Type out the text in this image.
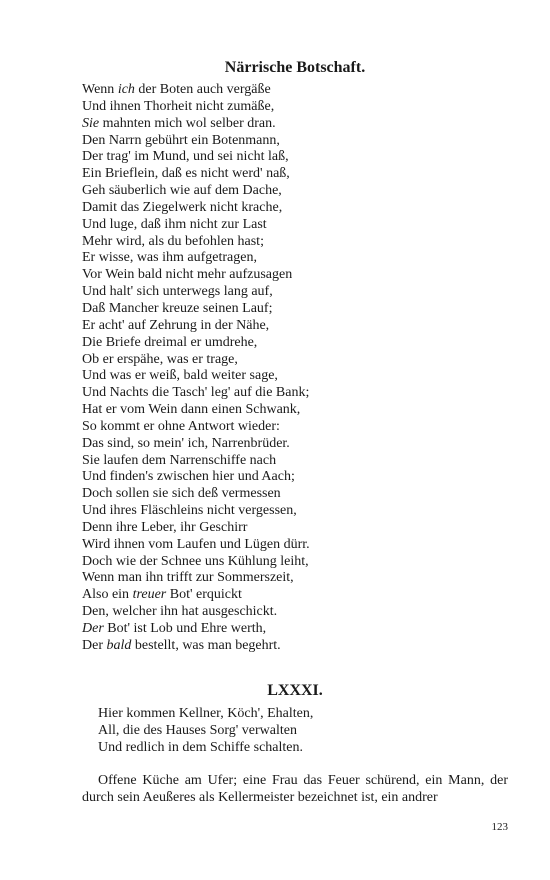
Närrische Botschaft.
Wenn ich der Boten auch vergäße
Und ihnen Thorheit nicht zumäße,
Sie mahnten mich wol selber dran.
Den Narrn gebührt ein Botenmann,
Der trag' im Mund, und sei nicht laß,
Ein Brieflein, daß es nicht werd' naß,
Geh säuberlich wie auf dem Dache,
Damit das Ziegelwerk nicht krache,
Und luge, daß ihm nicht zur Last
Mehr wird, als du befohlen hast;
Er wisse, was ihm aufgetragen,
Vor Wein bald nicht mehr aufzusagen
Und halt' sich unterwegs lang auf,
Daß Mancher kreuze seinen Lauf;
Er acht' auf Zehrung in der Nähe,
Die Briefe dreimal er umdrehe,
Ob er erspähe, was er trage,
Und was er weiß, bald weiter sage,
Und Nachts die Tasch' leg' auf die Bank;
Hat er vom Wein dann einen Schwank,
So kommt er ohne Antwort wieder:
Das sind, so mein' ich, Narrenbrüder.
Sie laufen dem Narrenschiffe nach
Und finden's zwischen hier und Aach;
Doch sollen sie sich deß vermessen
Und ihres Fläschleins nicht vergessen,
Denn ihre Leber, ihr Geschirr
Wird ihnen vom Laufen und Lügen dürr.
Doch wie der Schnee uns Kühlung leiht,
Wenn man ihn trifft zur Sommerszeit,
Also ein treuer Bot' erquickt
Den, welcher ihn hat ausgeschickt.
Der Bot' ist Lob und Ehre werth,
Der bald bestellt, was man begehrt.
LXXXI.
Hier kommen Kellner, Köch', Ehalten,
All, die des Hauses Sorg' verwalten
Und redlich in dem Schiffe schalten.

Offene Küche am Ufer; eine Frau das Feuer schürend, ein Mann, der durch sein Aeußeres als Kellermeister bezeichnet ist, ein andrer

123
